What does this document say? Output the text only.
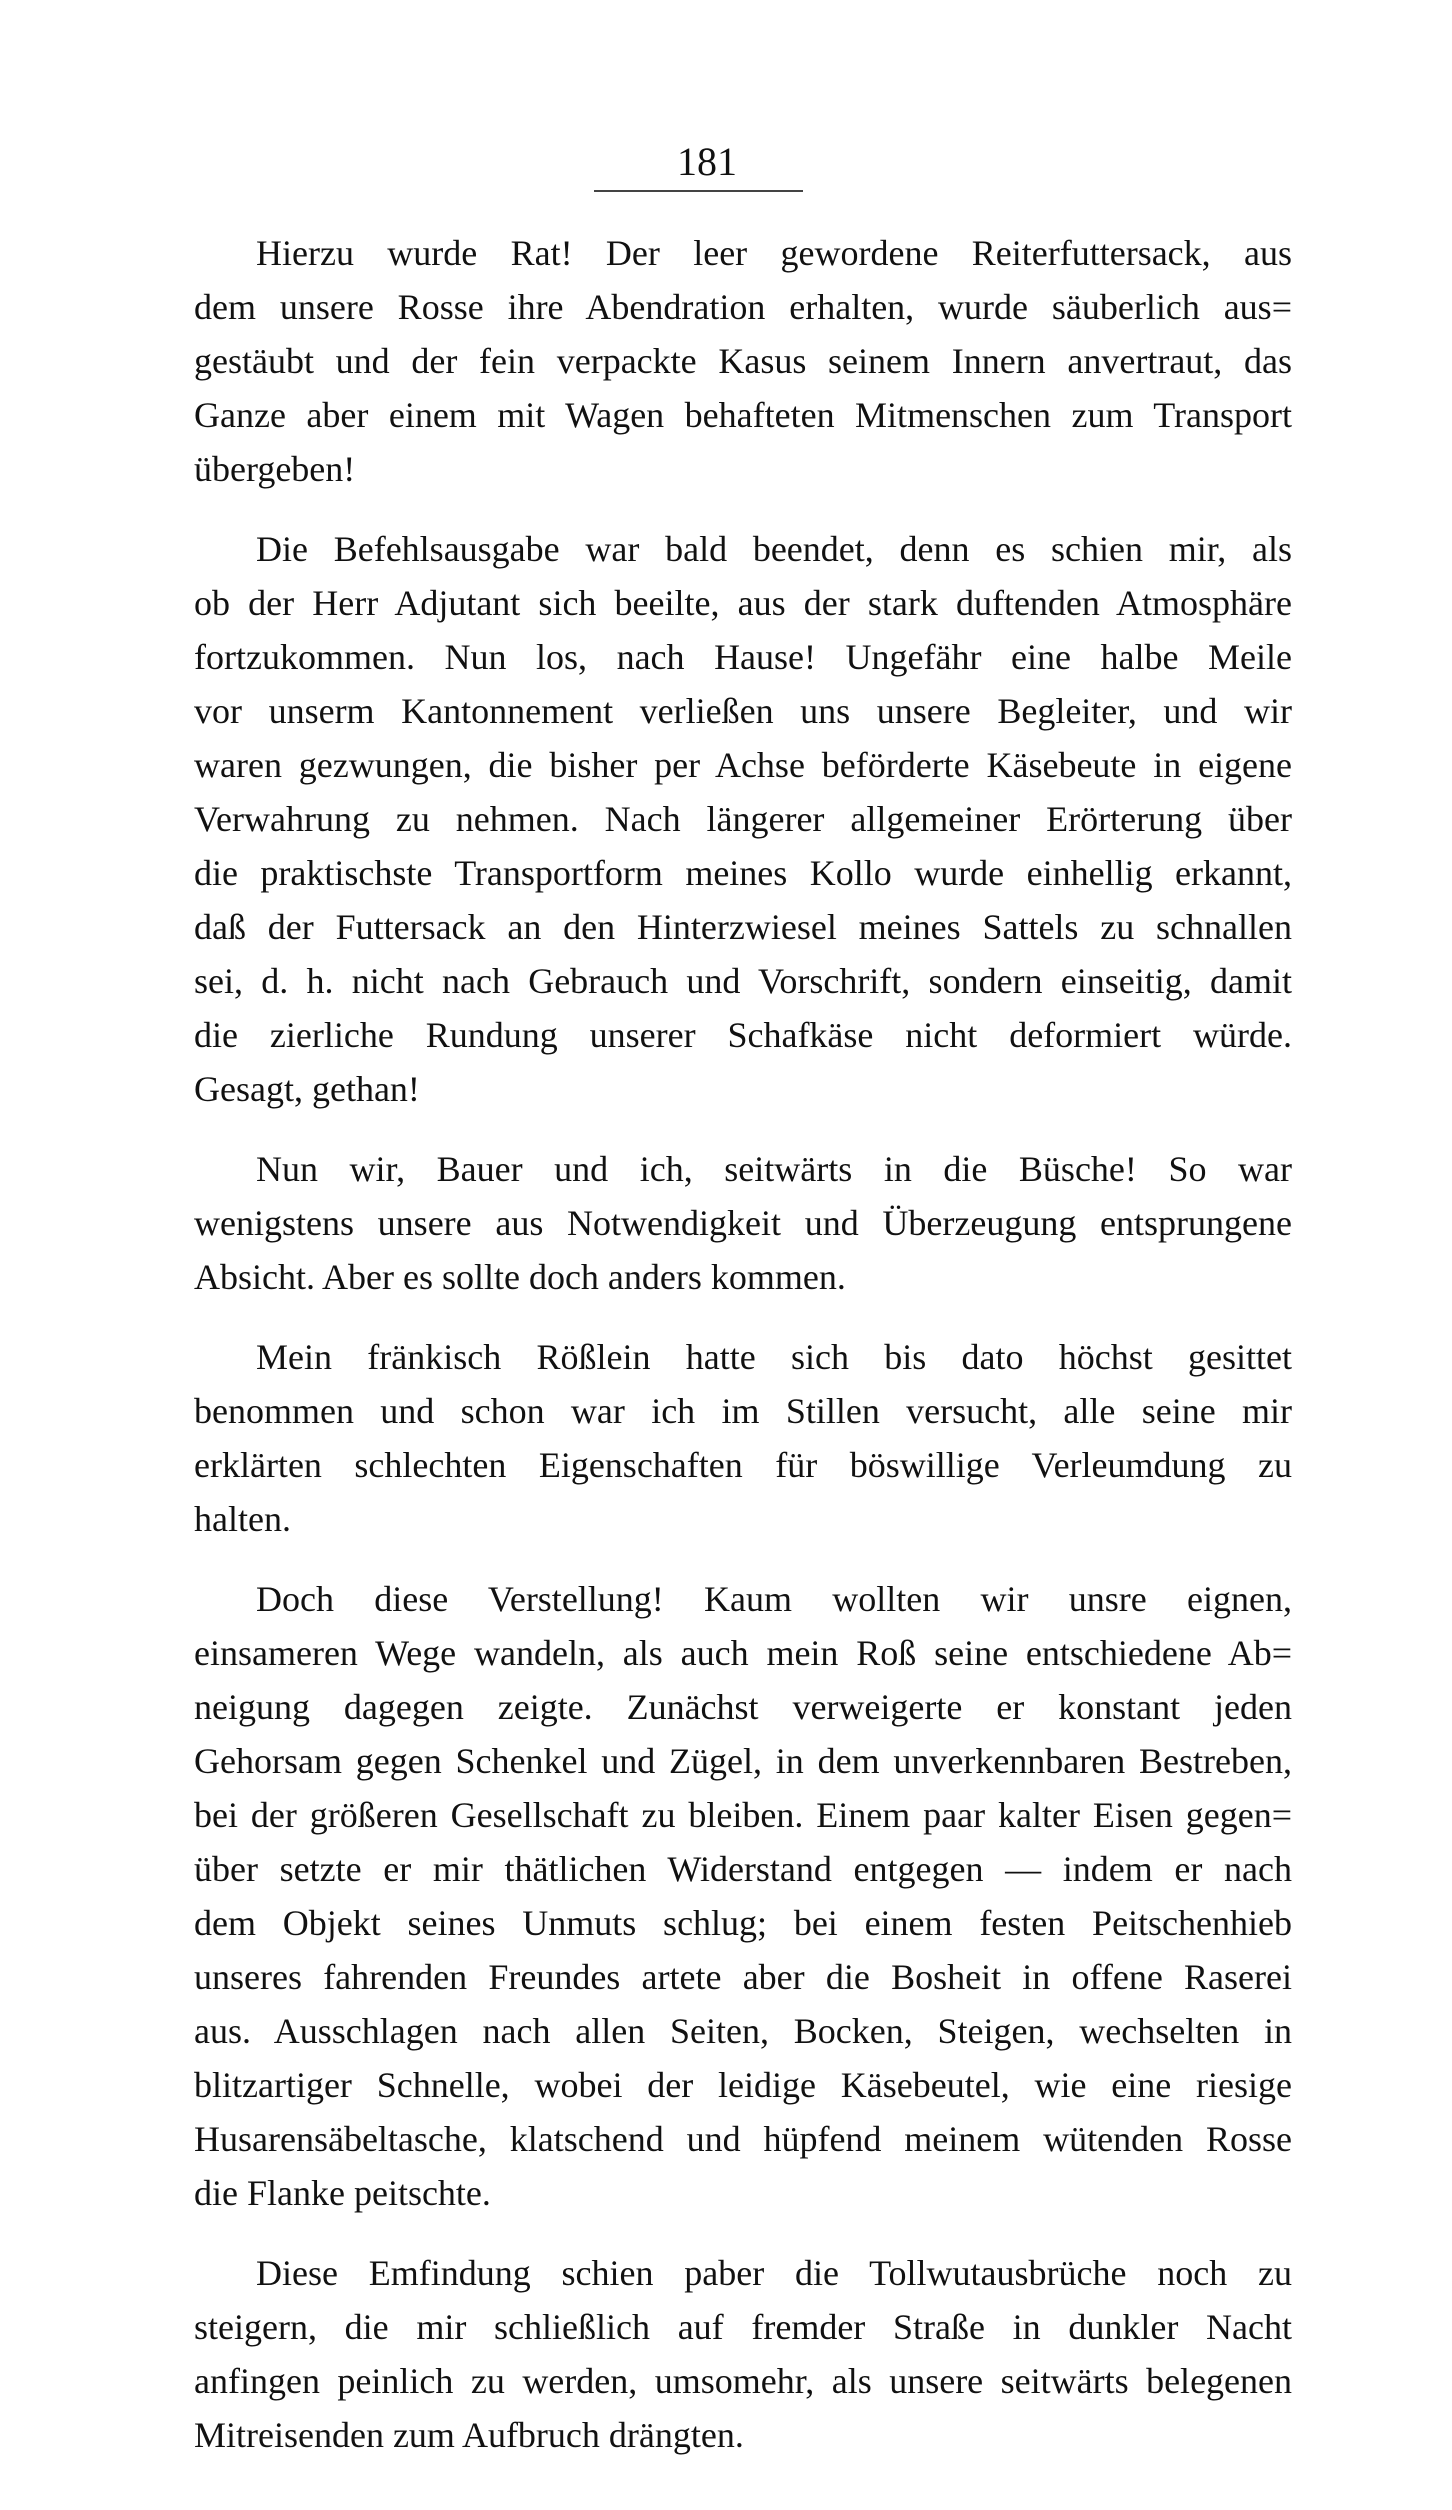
181
Hierzu wurde Rat! Der leer gewordene Reiterfuttersack, aus
dem unsere Rosse ihre Abendration erhalten, wurde säuberlich aus=
gestäubt und der fein verpackte Kasus seinem Innern anvertraut, das
Ganze aber einem mit Wagen behafteten Mitmenschen zum Transport
übergeben!
Die Befehlsausgabe war bald beendet, denn es schien mir, als
ob der Herr Adjutant sich beeilte, aus der stark duftenden Atmosphäre
fortzukommen. Nun los, nach Hause! Ungefähr eine halbe Meile
vor unserm Kantonnement verließen uns unsere Begleiter, und wir
waren gezwungen, die bisher per Achse beförderte Käsebeute in eigene
Verwahrung zu nehmen. Nach längerer allgemeiner Erörterung über
die praktischste Transportform meines Kollo wurde einhellig erkannt,
daß der Futtersack an den Hinterzwiesel meines Sattels zu schnallen
sei, d. h. nicht nach Gebrauch und Vorschrift, sondern einseitig, damit
die zierliche Rundung unserer Schafkäse nicht deformiert würde.
Gesagt, gethan!
Nun wir, Bauer und ich, seitwärts in die Büsche! So war
wenigstens unsere aus Notwendigkeit und Überzeugung entsprungene
Absicht. Aber es sollte doch anders kommen.
Mein fränkisch Rößlein hatte sich bis dato höchst gesittet
benommen und schon war ich im Stillen versucht, alle seine mir
erklärten schlechten Eigenschaften für böswillige Verleumdung zu
halten.
Doch diese Verstellung! Kaum wollten wir unsre eignen,
einsameren Wege wandeln, als auch mein Roß seine entschiedene Ab=
neigung dagegen zeigte. Zunächst verweigerte er konstant jeden
Gehorsam gegen Schenkel und Zügel, in dem unverkennbaren Bestreben,
bei der größeren Gesellschaft zu bleiben. Einem paar kalter Eisen gegen=
über setzte er mir thätlichen Widerstand entgegen — indem er nach
dem Objekt seines Unmuts schlug; bei einem festen Peitschenhieb
unseres fahrenden Freundes artete aber die Bosheit in offene Raserei
aus. Ausschlagen nach allen Seiten, Bocken, Steigen, wechselten in
blitzartiger Schnelle, wobei der leidige Käsebeutel, wie eine riesige
Husarensäbeltasche, klatschend und hüpfend meinem wütenden Rosse
die Flanke peitschte.
Diese Emfindung schien paber die Tollwutausbrüche noch zu
steigern, die mir schließlich auf fremder Straße in dunkler Nacht
anfingen peinlich zu werden, umsomehr, als unsere seitwärts belegenen
Mitreisenden zum Aufbruch drängten.
